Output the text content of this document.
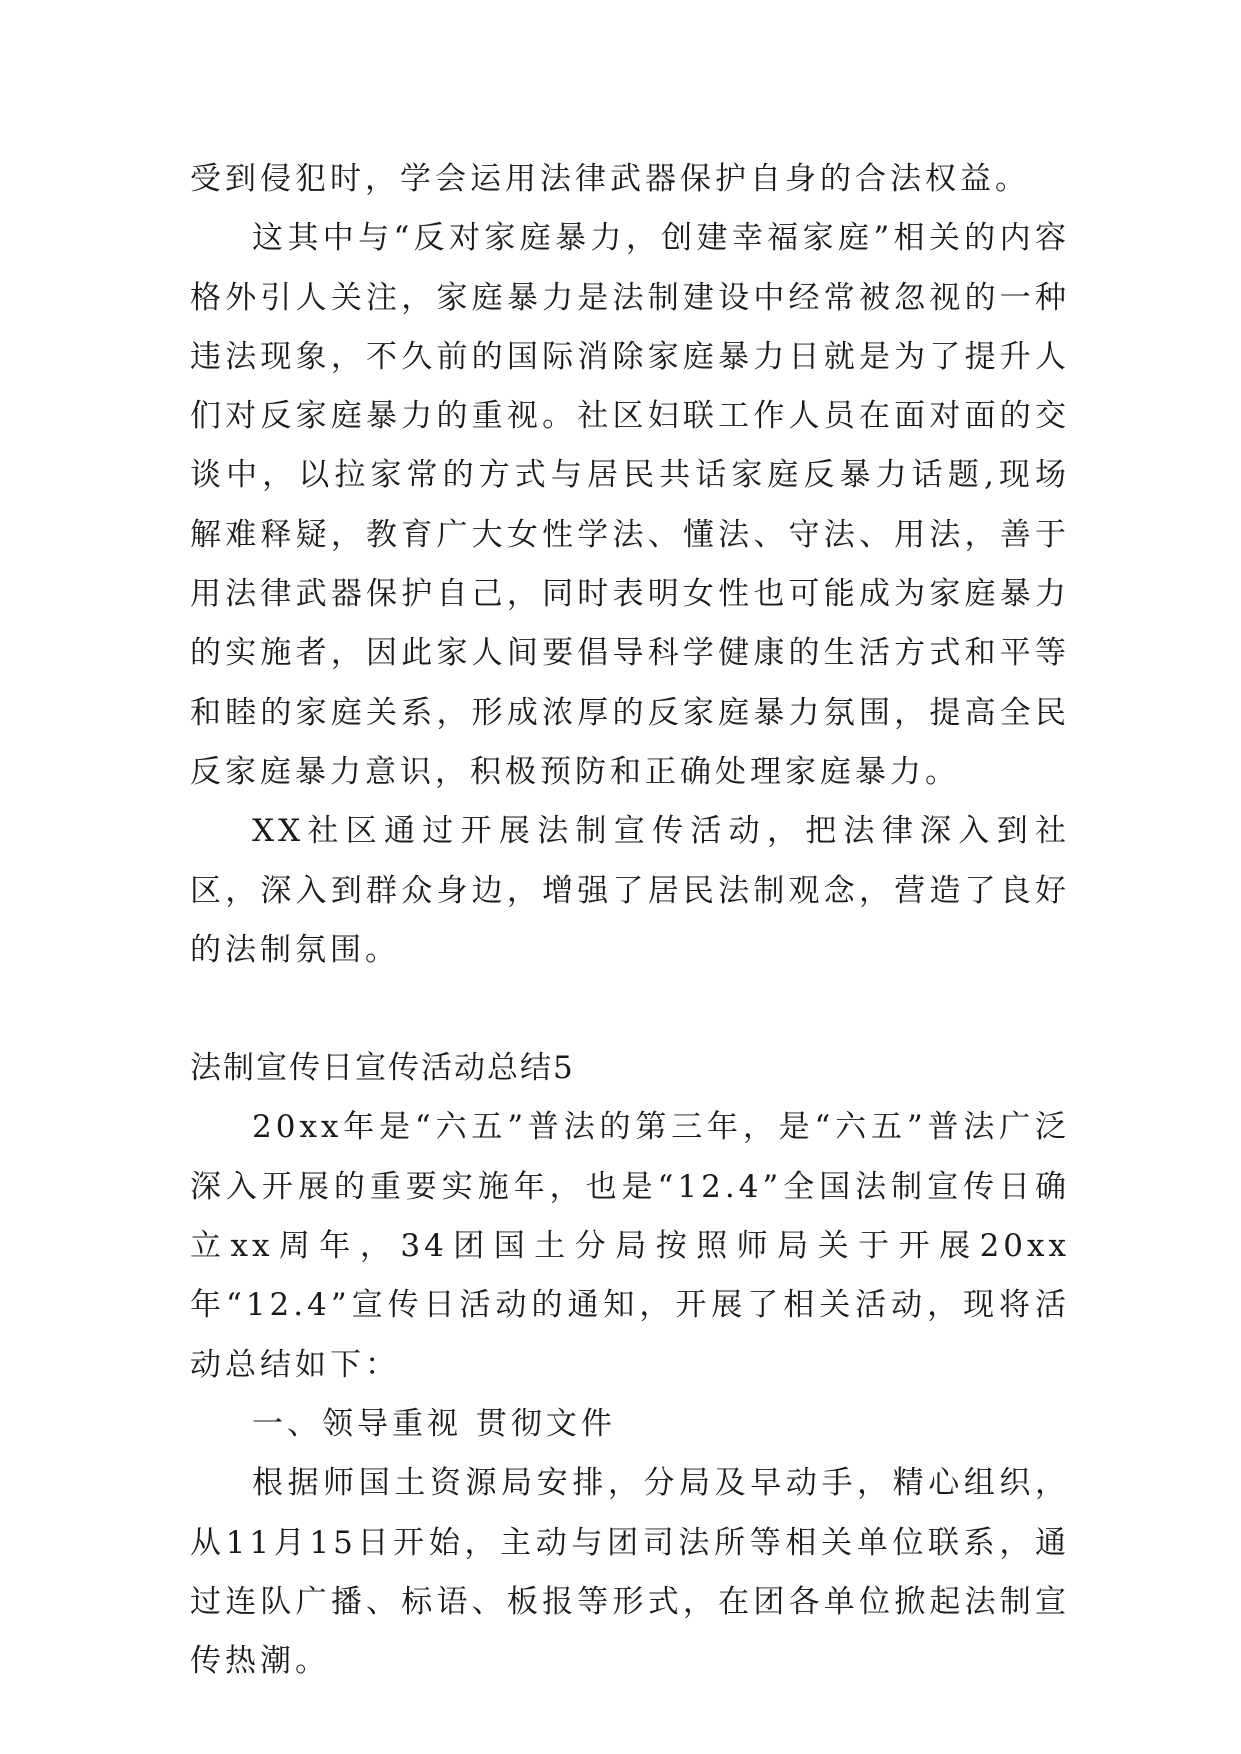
受到侵犯时，学会运用法律武器保护自身的合法权益。

这其中与“反对家庭暴力，创建幸福家庭”相关的内容格外引人关注，家庭暴力是法制建设中经常被忽视的一种违法现象，不久前的国际消除家庭暴力日就是为了提升人们对反家庭暴力的重视。社区妇联工作人员在面对面的交谈中，以拉家常的方式与居民共话家庭反暴力话题,现场解难释疑，教育广大女性学法、懂法、守法、用法，善于用法律武器保护自己，同时表明女性也可能成为家庭暴力的实施者，因此家人间要倡导科学健康的生活方式和平等和睦的家庭关系，形成浓厚的反家庭暴力氛围，提高全民反家庭暴力意识，积极预防和正确处理家庭暴力。

XX社区通过开展法制宣传活动，把法律深入到社区，深入到群众身边，增强了居民法制观念，营造了良好的法制氛围。

法制宣传日宣传活动总结5

20xx年是“六五”普法的第三年，是“六五”普法广泛深入开展的重要实施年，也是“12.4”全国法制宣传日确立xx周年，34团国土分局按照师局关于开展20xx年“12.4”宣传日活动的通知，开展了相关活动，现将活动总结如下：

一、领导重视 贯彻文件

根据师国土资源局安排，分局及早动手，精心组织，从11月15日开始，主动与团司法所等相关单位联系，通过连队广播、标语、板报等形式，在团各单位掀起法制宣传热潮。
